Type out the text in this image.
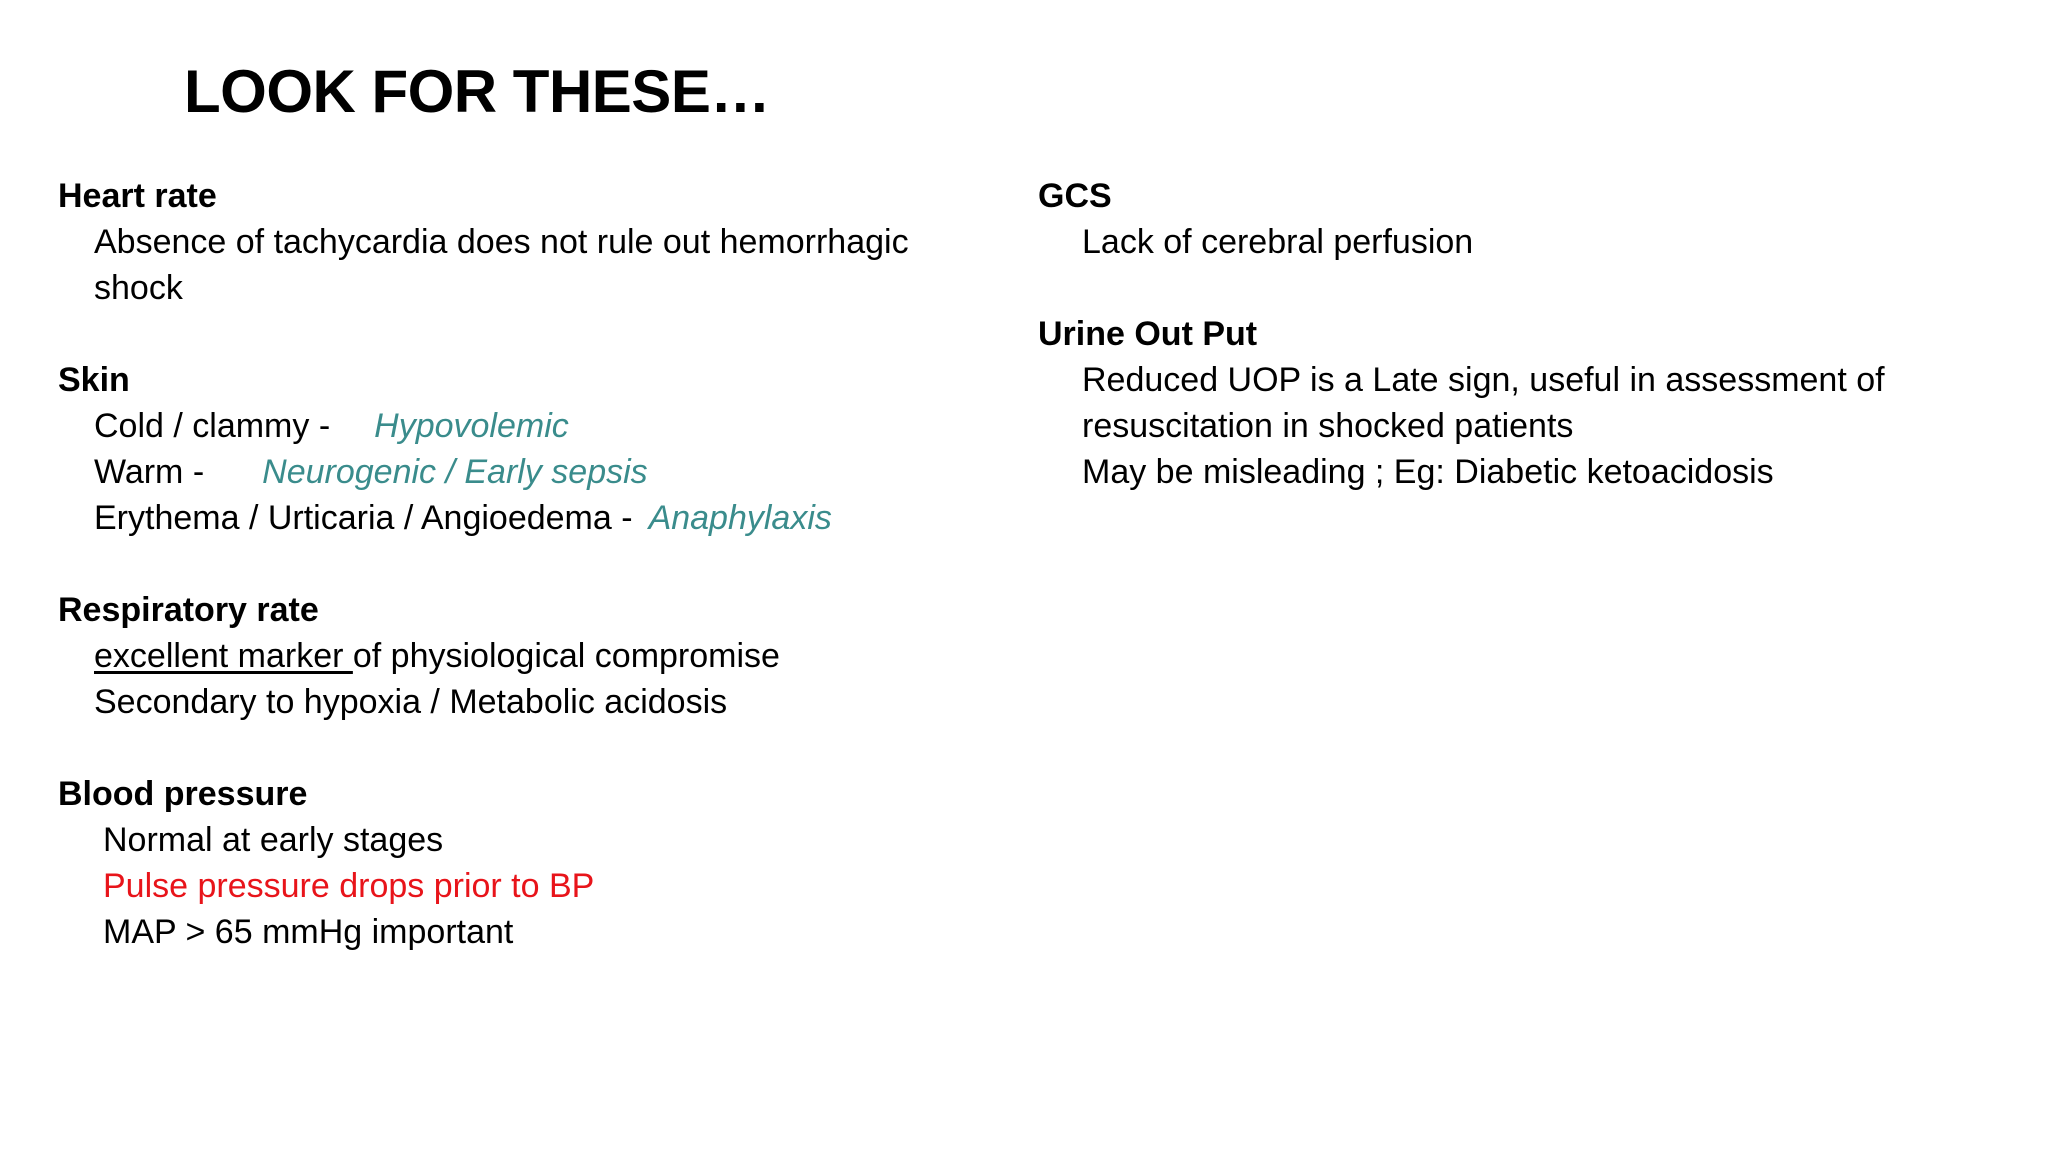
LOOK FOR THESE…
Heart rate
Absence of tachycardia does not rule out hemorrhagic
shock
Skin
Cold / clammy - Hypovolemic
Warm - Neurogenic / Early sepsis
Erythema / Urticaria / Angioedema - Anaphylaxis
Respiratory rate
excellent marker of physiological compromise
Secondary to hypoxia / Metabolic acidosis
Blood pressure
Normal at early stages
Pulse pressure drops prior to BP
MAP > 65 mmHg important
GCS
Lack of cerebral perfusion
Urine Out Put
Reduced UOP is a Late sign, useful in assessment of
resuscitation in shocked patients
May be misleading ; Eg: Diabetic ketoacidosis
